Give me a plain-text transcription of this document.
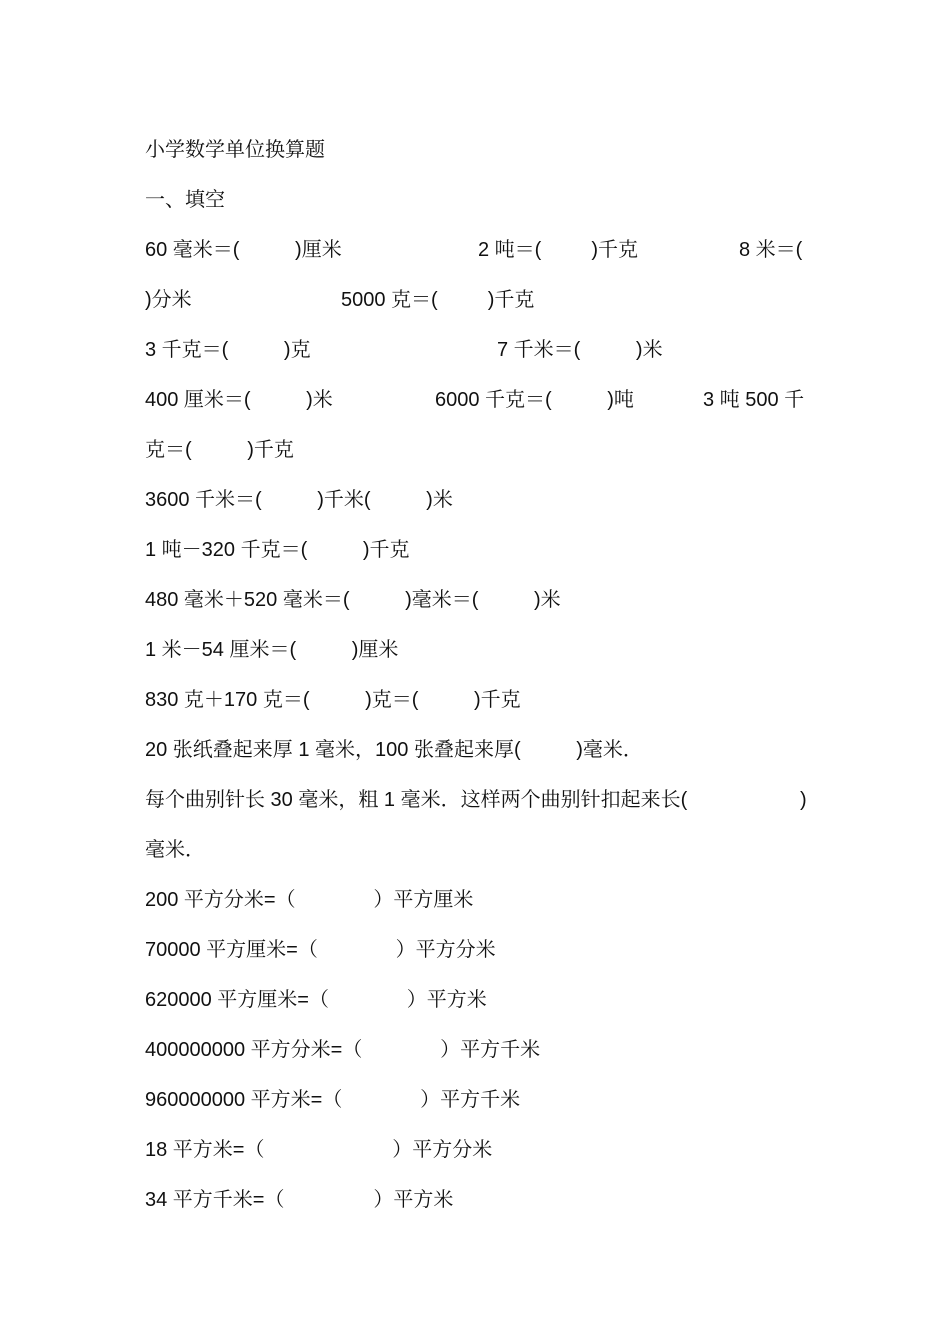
小学数学单位换算题
一、填空

60 毫米＝(          )厘米

	2 吨＝(         )千克

	8 米＝(

)分米

	5000 克＝(         )千克

3 千克＝(          )克

	7 千米＝(          )米

400 厘米＝(          )米

	6000 千克＝(          )吨

	3 吨 500 千

克＝(          )千克

3600 千米＝(          )千米(          )米

1 吨－320 千克＝(          )千克

480 毫米＋520 毫米＝(          )毫米＝(          )米

1 米－54 厘米＝(          )厘米

830 克＋170 克＝(          )克＝(          )千克

20 张纸叠起来厚 1 毫米，100 张叠起来厚(          )毫米．

每个曲别针长 30 毫米，粗 1 毫米．这样两个曲别针扣起来长(

	)

毫米．

200 平方分米=（              ）平方厘米

70000 平方厘米=（              ）平方分米

620000 平方厘米=（              ）平方米

400000000 平方分米=（              ）平方千米

960000000 平方米=（              ）平方千米

18 平方米=（                       ）平方分米

34 平方千米=（                ）平方米
